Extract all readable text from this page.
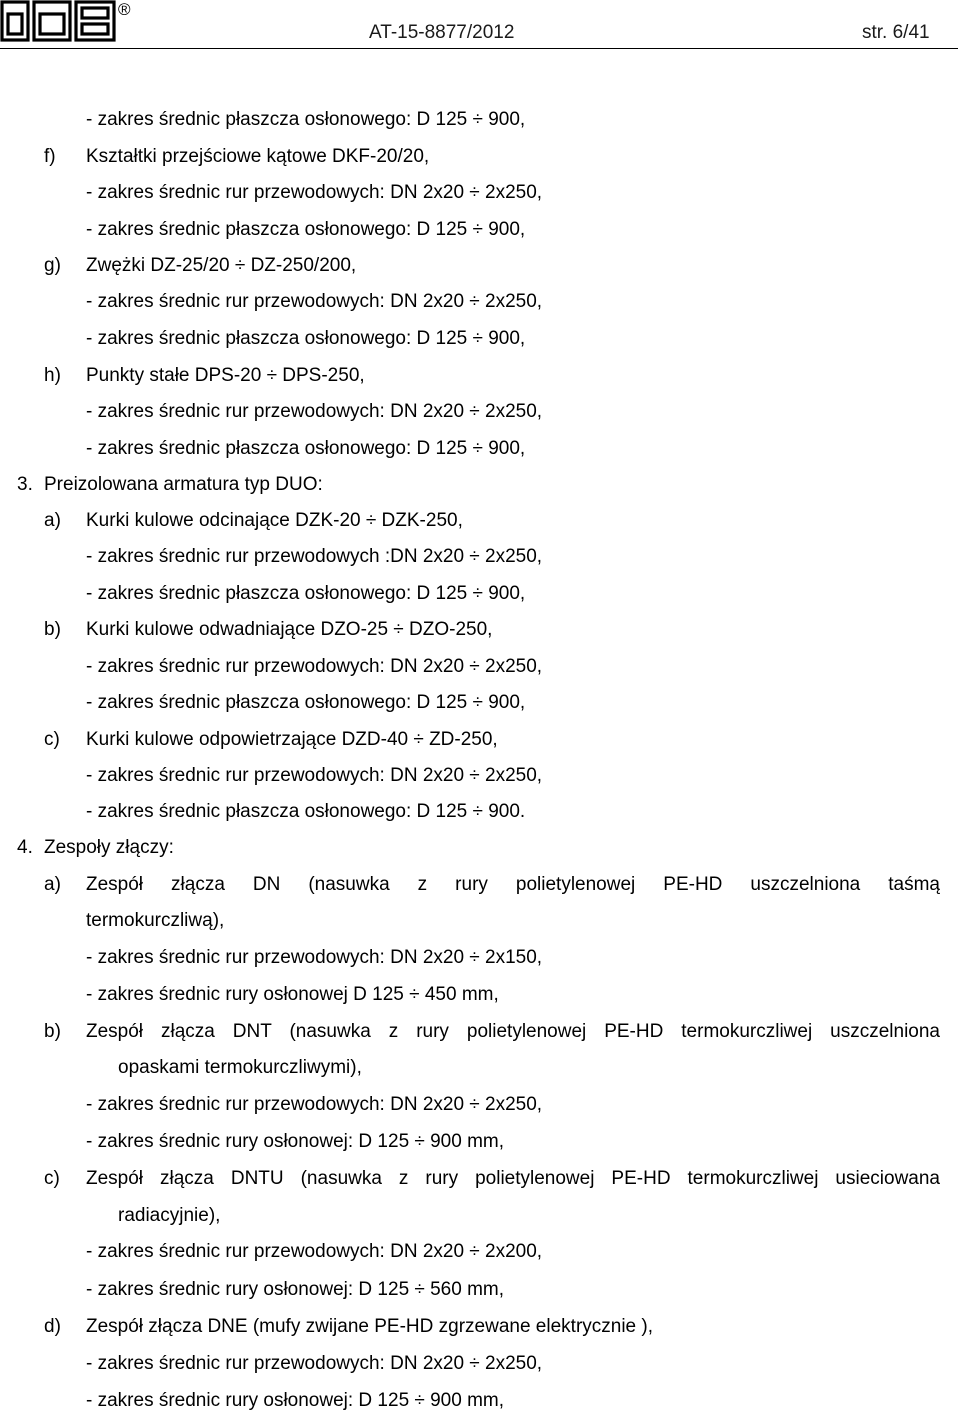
®
AT-15-8877/2012	str. 6/41
- zakres średnic płaszcza osłonowego: D 125 ÷ 900,
f) Kształtki przejściowe kątowe DKF-20/20,
- zakres średnic rur przewodowych: DN 2x20 ÷ 2x250,
- zakres średnic płaszcza osłonowego: D 125 ÷ 900,
g) Zwężki DZ-25/20 ÷ DZ-250/200,
- zakres średnic rur przewodowych: DN 2x20 ÷ 2x250,
- zakres średnic płaszcza osłonowego: D 125 ÷ 900,
h) Punkty stałe DPS-20 ÷ DPS-250,
- zakres średnic rur przewodowych: DN 2x20 ÷ 2x250,
- zakres średnic płaszcza osłonowego: D 125 ÷ 900,
3. Preizolowana armatura typ DUO:
a) Kurki kulowe odcinające DZK-20 ÷ DZK-250,
- zakres średnic rur przewodowych :DN 2x20 ÷ 2x250,
- zakres średnic płaszcza osłonowego: D 125 ÷ 900,
b) Kurki kulowe odwadniające DZO-25 ÷ DZO-250,
- zakres średnic rur przewodowych: DN 2x20 ÷ 2x250,
- zakres średnic płaszcza osłonowego: D 125 ÷ 900,
c) Kurki kulowe odpowietrzające DZD-40 ÷ ZD-250,
- zakres średnic rur przewodowych: DN 2x20 ÷ 2x250,
- zakres średnic płaszcza osłonowego: D 125 ÷ 900.
4. Zespoły złączy:
a) Zespół złącza DN (nasuwka z rury polietylenowej PE-HD uszczelniona taśmą
termokurczliwą),
- zakres średnic rur przewodowych: DN 2x20 ÷ 2x150,
- zakres średnic rury osłonowej D 125 ÷ 450 mm,
b) Zespół złącza DNT (nasuwka z rury polietylenowej PE-HD termokurczliwej uszczelniona
opaskami termokurczliwymi),
- zakres średnic rur przewodowych: DN 2x20 ÷ 2x250,
- zakres średnic rury osłonowej: D 125 ÷ 900 mm,
c) Zespół złącza DNTU (nasuwka z rury polietylenowej PE-HD termokurczliwej usieciowana
radiacyjnie),
- zakres średnic rur przewodowych: DN 2x20 ÷ 2x200,
- zakres średnic rury osłonowej: D 125 ÷ 560 mm,
d) Zespół złącza DNE (mufy zwijane PE-HD zgrzewane elektrycznie ),
- zakres średnic rur przewodowych: DN 2x20 ÷ 2x250,
- zakres średnic rury osłonowej: D 125 ÷ 900 mm,
